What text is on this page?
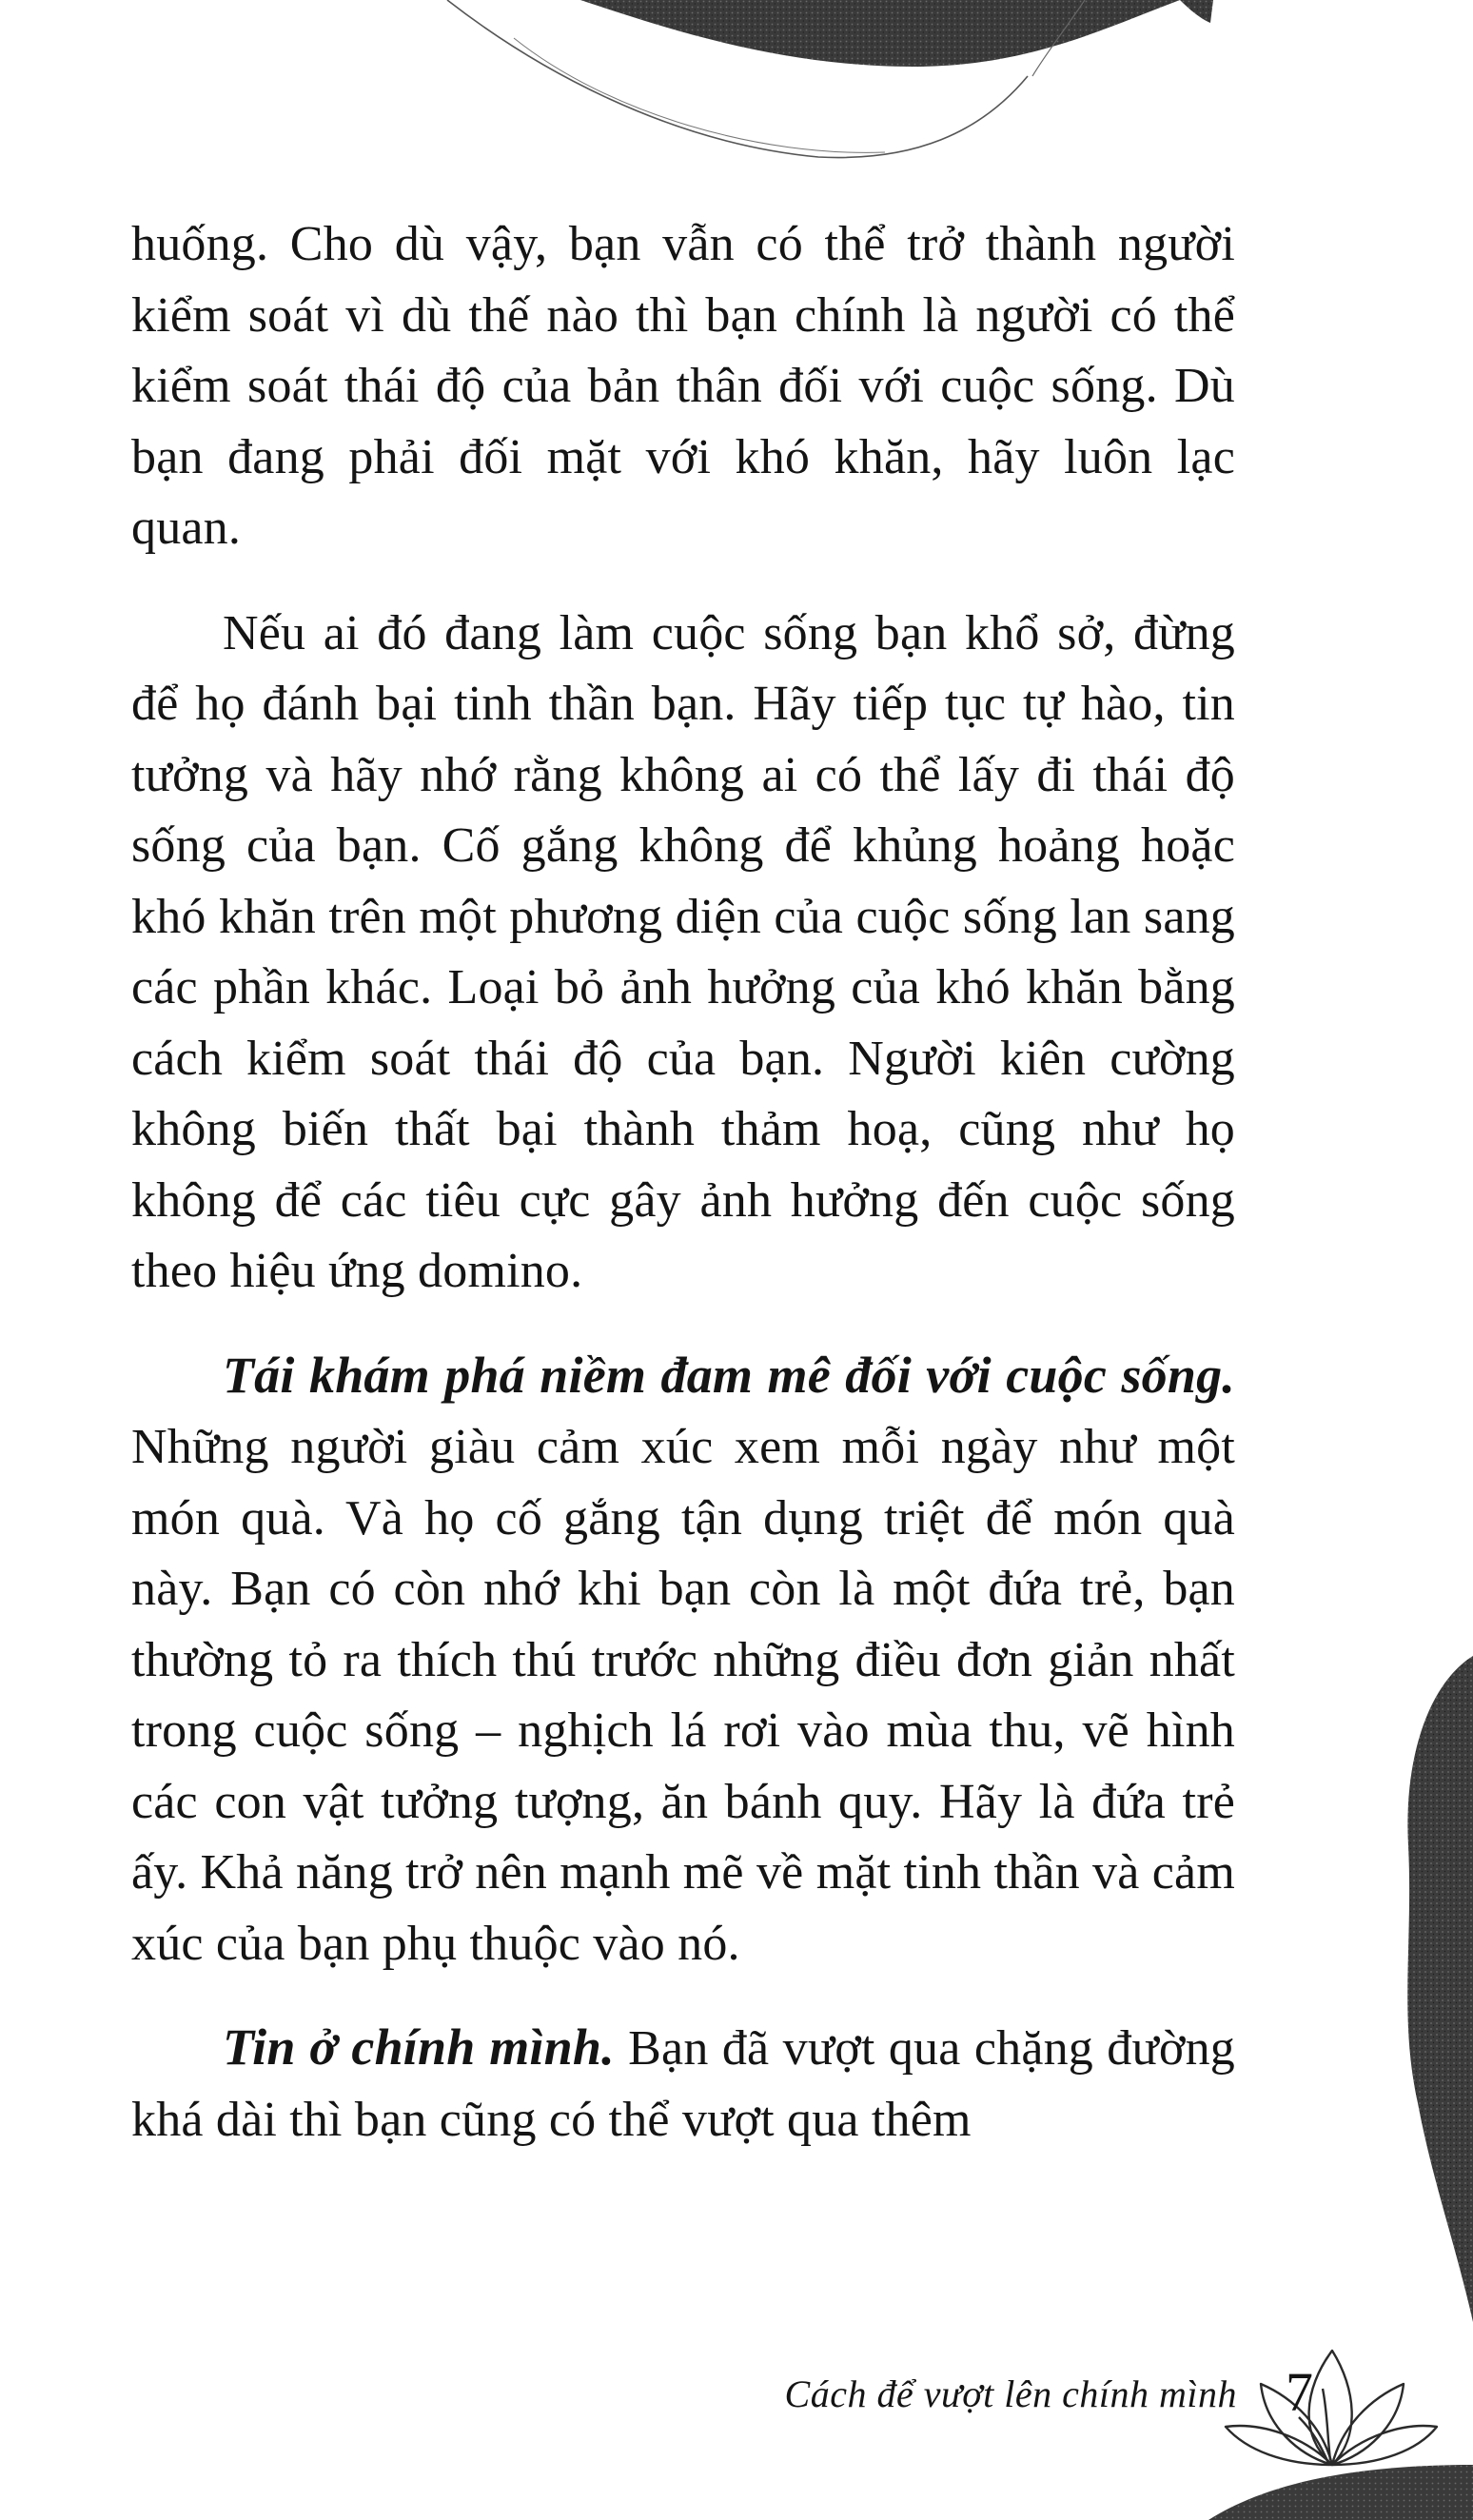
huống. Cho dù vậy, bạn vẫn có thể trở thành người kiểm soát vì dù thế nào thì bạn chính là người có thể kiểm soát thái độ của bản thân đối với cuộc sống. Dù bạn đang phải đối mặt với khó khăn, hãy luôn lạc quan.

Nếu ai đó đang làm cuộc sống bạn khổ sở, đừng để họ đánh bại tinh thần bạn. Hãy tiếp tục tự hào, tin tưởng và hãy nhớ rằng không ai có thể lấy đi thái độ sống của bạn. Cố gắng không để khủng hoảng hoặc khó khăn trên một phương diện của cuộc sống lan sang các phần khác. Loại bỏ ảnh hưởng của khó khăn bằng cách kiểm soát thái độ của bạn. Người kiên cường không biến thất bại thành thảm hoạ, cũng như họ không để các tiêu cực gây ảnh hưởng đến cuộc sống theo hiệu ứng domino.

Tái khám phá niềm đam mê đối với cuộc sống. Những người giàu cảm xúc xem mỗi ngày như một món quà. Và họ cố gắng tận dụng triệt để món quà này. Bạn có còn nhớ khi bạn còn là một đứa trẻ, bạn thường tỏ ra thích thú trước những điều đơn giản nhất trong cuộc sống – nghịch lá rơi vào mùa thu, vẽ hình các con vật tưởng tượng, ăn bánh quy. Hãy là đứa trẻ ấy. Khả năng trở nên mạnh mẽ về mặt tinh thần và cảm xúc của bạn phụ thuộc vào nó.

Tin ở chính mình. Bạn đã vượt qua chặng đường khá dài thì bạn cũng có thể vượt qua thêm

Cách để vượt lên chính mình 7
